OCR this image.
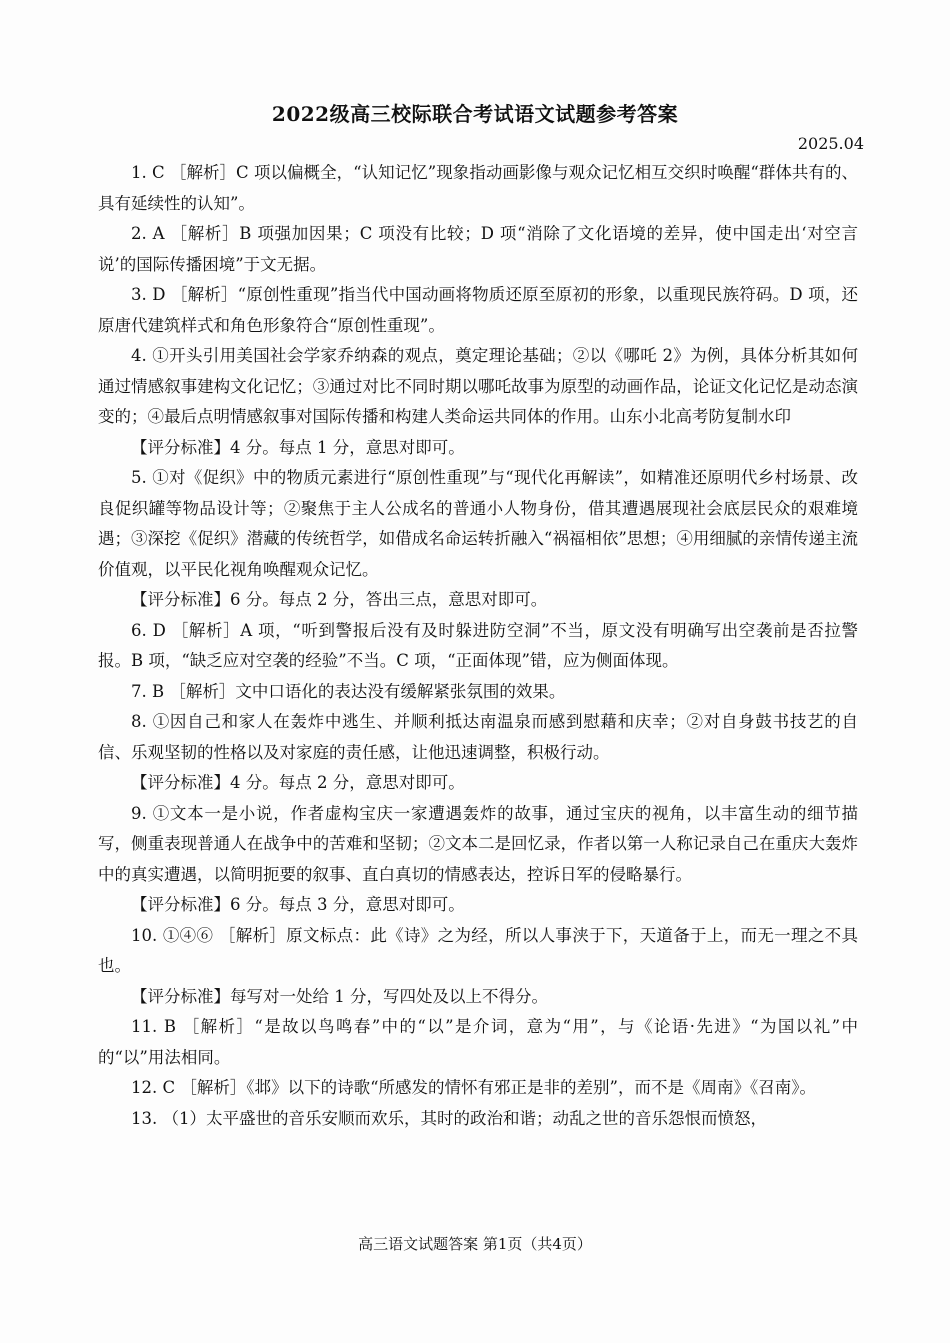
2022级高三校际联合考试语文试题参考答案
2025.04

1. C ［解析］C 项以偏概全，“认知记忆”现象指动画影像与观众记忆相互交织时唤醒“群体共有的、具有延续性的认知”。

2. A ［解析］B 项强加因果；C 项没有比较；D 项“消除了文化语境的差异，使中国走出‘对空言说’的国际传播困境”于文无据。

3. D ［解析］“原创性重现”指当代中国动画将物质还原至原初的形象，以重现民族符码。D 项，还原唐代建筑样式和角色形象符合“原创性重现”。

4. ①开头引用美国社会学家乔纳森的观点，奠定理论基础；②以《哪吒 2》为例，具体分析其如何通过情感叙事建构文化记忆；③通过对比不同时期以哪吒故事为原型的动画作品，论证文化记忆是动态演变的；④最后点明情感叙事对国际传播和构建人类命运共同体的作用。山东小北高考防复制水印

【评分标准】4 分。每点 1 分，意思对即可。

5. ①对《促织》中的物质元素进行“原创性重现”与“现代化再解读”，如精准还原明代乡村场景、改良促织罐等物品设计等；②聚焦于主人公成名的普通小人物身份，借其遭遇展现社会底层民众的艰难境遇；③深挖《促织》潜藏的传统哲学，如借成名命运转折融入“祸福相依”思想；④用细腻的亲情传递主流价值观，以平民化视角唤醒观众记忆。

【评分标准】6 分。每点 2 分，答出三点，意思对即可。

6. D ［解析］A 项，“听到警报后没有及时躲进防空洞”不当，原文没有明确写出空袭前是否拉警报。B 项，“缺乏应对空袭的经验”不当。C 项，“正面体现”错，应为侧面体现。

7. B ［解析］文中口语化的表达没有缓解紧张氛围的效果。

8. ①因自己和家人在轰炸中逃生、并顺利抵达南温泉而感到慰藉和庆幸；②对自身鼓书技艺的自信、乐观坚韧的性格以及对家庭的责任感，让他迅速调整，积极行动。

【评分标准】4 分。每点 2 分，意思对即可。

9. ①文本一是小说，作者虚构宝庆一家遭遇轰炸的故事，通过宝庆的视角，以丰富生动的细节描写，侧重表现普通人在战争中的苦难和坚韧；②文本二是回忆录，作者以第一人称记录自己在重庆大轰炸中的真实遭遇，以简明扼要的叙事、直白真切的情感表达，控诉日军的侵略暴行。

【评分标准】6 分。每点 3 分，意思对即可。

10. ①④⑥ ［解析］原文标点：此《诗》之为经，所以人事浃于下，天道备于上，而无一理之不具也。

【评分标准】每写对一处给 1 分，写四处及以上不得分。

11. B ［解析］“是故以鸟鸣春”中的“以”是介词，意为“用”，与《论语·先进》“为国以礼”中的“以”用法相同。

12. C ［解析］《邶》以下的诗歌“所感发的情怀有邪正是非的差别”，而不是《周南》《召南》。

13. （1）太平盛世的音乐安顺而欢乐，其时的政治和谐；动乱之世的音乐怨恨而愤怒，

高三语文试题答案 第1页（共4页）
